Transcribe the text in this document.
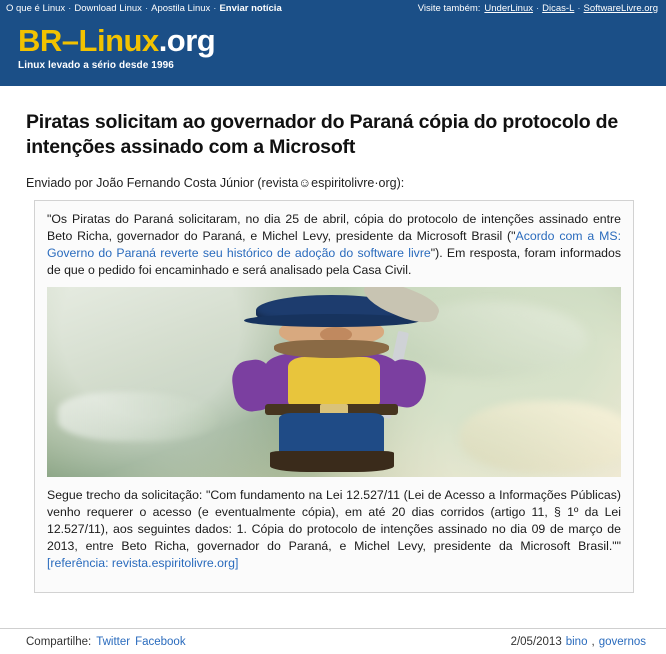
O que é Linux · Download Linux · Apostila Linux · Enviar notícia	Visite também: UnderLinux · Dicas-L · SoftwareLivre.org
BR–Linux.org
Linux levado a sério desde 1996
Piratas solicitam ao governador do Paraná cópia do protocolo de intenções assinado com a Microsoft
Enviado por João Fernando Costa Júnior (revista☺espiritolivre·org):

"Os Piratas do Paraná solicitaram, no dia 25 de abril, cópia do protocolo de intenções assinado entre Beto Richa, governador do Paraná, e Michel Levy, presidente da Microsoft Brasil ("Acordo com a MS: Governo do Paraná reverte seu histórico de adoção do software livre"). Em resposta, foram informados de que o pedido foi encaminhado e será analisado pela Casa Civil.

Segue trecho da solicitação: "Com fundamento na Lei 12.527/11 (Lei de Acesso a Informações Públicas) venho requerer o acesso (e eventualmente cópia), em até 20 dias corridos (artigo 11, § 1º da Lei 12.527/11), aos seguintes dados: 1. Cópia do protocolo de intenções assinado no dia 09 de março de 2013, entre Beto Richa, governador do Paraná, e Michel Levy, presidente da Microsoft Brasil."" [referência: revista.espiritolivre.org]

Compartilhe: Twitter Facebook	2/05/2013 bino , governos
